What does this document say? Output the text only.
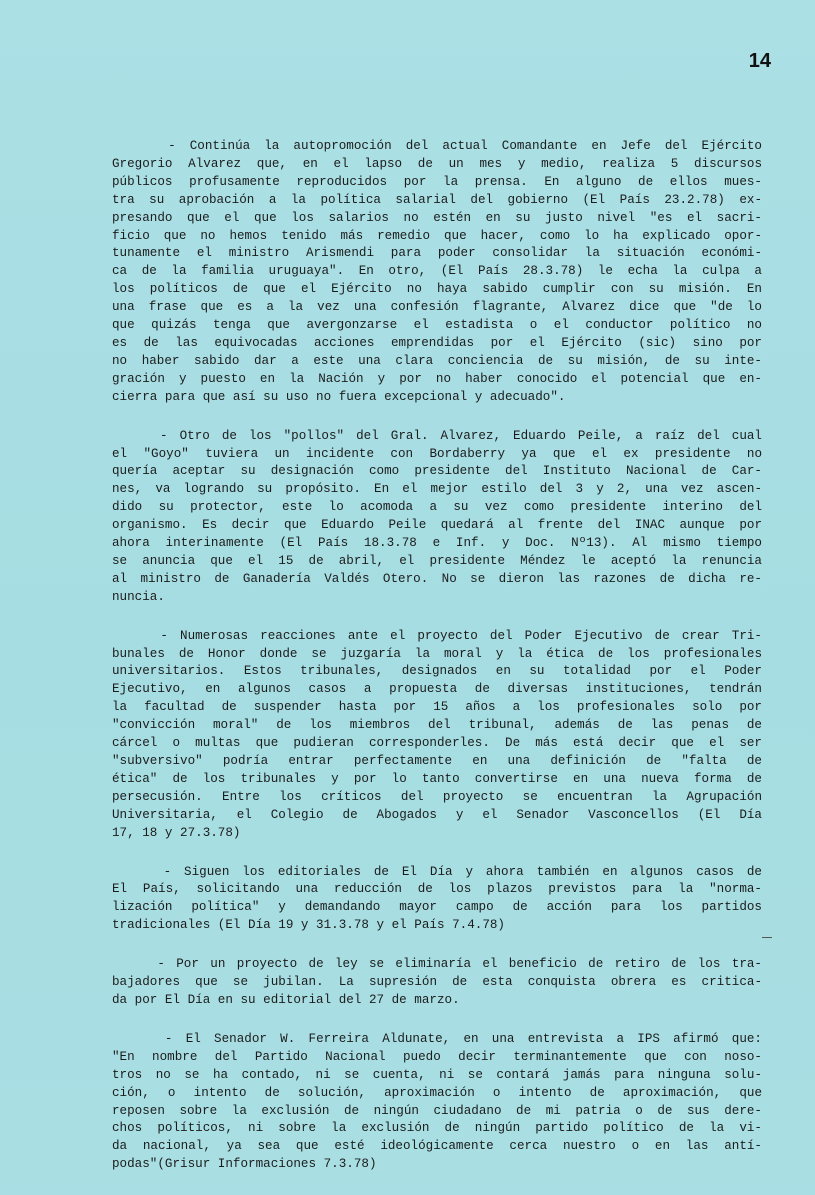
14
- Continúa la autopromoción del actual Comandante en Jefe del Ejército
Gregorio Alvarez que, en el lapso de un mes y medio, realiza 5 discursos
públicos profusamente reproducidos por la prensa. En alguno de ellos mues-
tra su aprobación a la política salarial del gobierno (El País 23.2.78) ex-
presando que el que los salarios no estén en su justo nivel "es el sacri-
ficio que no hemos tenido más remedio que hacer, como lo ha explicado opor-
tunamente el ministro Arismendi para poder consolidar la situación económi-
ca de la familia uruguaya". En otro, (El País 28.3.78) le echa la culpa a
los políticos de que el Ejército no haya sabido cumplir con su misión. En
una frase que es a la vez una confesión flagrante, Alvarez dice que "de lo
que quizás tenga que avergonzarse el estadista o el conductor político no
es de las equivocadas acciones emprendidas por el Ejército (sic) sino por
no haber sabido dar a este una clara conciencia de su misión, de su inte-
gración y puesto en la Nación y por no haber conocido el potencial que en-
cierra para que así su uso no fuera excepcional y adecuado".
- Otro de los "pollos" del Gral. Alvarez, Eduardo Peile, a raíz del cual
el "Goyo" tuviera un incidente con Bordaberry ya que el ex presidente no
quería aceptar su designación como presidente del Instituto Nacional de Car-
nes, va logrando su propósito. En el mejor estilo del 3 y 2, una vez ascen-
dido su protector, este lo acomoda a su vez como presidente interino del
organismo. Es decir que Eduardo Peile quedará al frente del INAC aunque por
ahora interinamente (El País 18.3.78 e Inf. y Doc. Nº13). Al mismo tiempo
se anuncia que el 15 de abril, el presidente Méndez le aceptó la renuncia
al ministro de Ganadería Valdés Otero. No se dieron las razones de dicha re-
nuncia.
- Numerosas reacciones ante el proyecto del Poder Ejecutivo de crear Tri-
bunales de Honor donde se juzgaría la moral y la ética de los profesionales
universitarios. Estos tribunales, designados en su totalidad por el Poder
Ejecutivo, en algunos casos a propuesta de diversas instituciones, tendrán
la facultad de suspender hasta por 15 años a los profesionales solo por
"convicción moral" de los miembros del tribunal, además de las penas de
cárcel o multas que pudieran corresponderles. De más está decir que el ser
"subversivo" podría entrar perfectamente en una definición de "falta de
ética" de los tribunales y por lo tanto convertirse en una nueva forma de
persecusión. Entre los críticos del proyecto se encuentran la Agrupación
Universitaria, el Colegio de Abogados y el Senador Vasconcellos (El Día
17, 18 y 27.3.78)
- Siguen los editoriales de El Día y ahora también en algunos casos de
El País, solicitando una reducción de los plazos previstos para la "norma-
lización política" y demandando mayor campo de acción para los partidos
tradicionales (El Día 19 y 31.3.78 y el País 7.4.78)
- Por un proyecto de ley se eliminaría el beneficio de retiro de los tra-
bajadores que se jubilan. La supresión de esta conquista obrera es critica-
da por El Día en su editorial del 27 de marzo.
- El Senador W. Ferreira Aldunate, en una entrevista a IPS afirmó que:
"En nombre del Partido Nacional puedo decir terminantemente que con noso-
tros no se ha contado, ni se cuenta, ni se contará jamás para ninguna solu-
ción, o intento de solución, aproximación o intento de aproximación, que
reposen sobre la exclusión de ningún ciudadano de mi patria o de sus dere-
chos políticos, ni sobre la exclusión de ningún partido político de la vi-
da nacional, ya sea que esté ideológicamente cerca nuestro o en las antí-
podas"(Grisur Informaciones 7.3.78)
